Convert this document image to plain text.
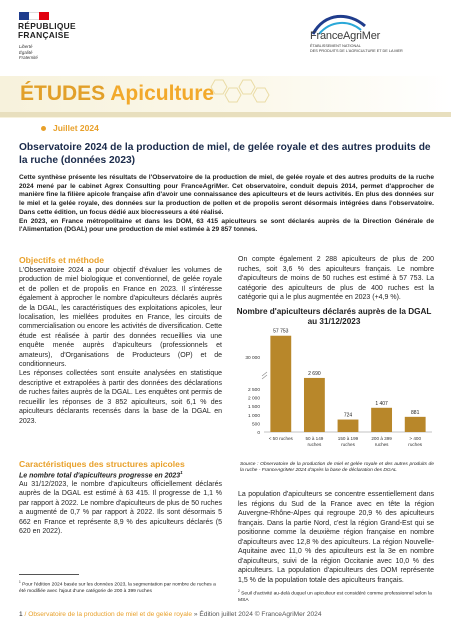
RÉPUBLIQUE
FRANÇAISE
Liberté
Égalité
Fraternité
FranceAgriMer
ÉTABLISSEMENT NATIONAL
DES PRODUITS DE L'AGRICULTURE ET DE LA MER
ÉTUDES Apiculture
Juillet 2024
Observatoire 2024 de la production de miel, de gelée royale et des autres produits de la ruche (données 2023)
Cette synthèse présente les résultats de l'Observatoire de la production de miel, de gelée royale et des autres produits de la ruche 2024 mené par le cabinet Agrex Consulting pour FranceAgriMer. Cet observatoire, conduit depuis 2014, permet d'approcher de manière fine la filière apicole française afin d'avoir une connaissance des apiculteurs et de leurs activités. En plus des données sur le miel et la gelée royale, des données sur la production de pollen et de propolis seront désormais intégrées dans l'observatoire. Dans cette édition, un focus dédié aux biocresseurs a été réalisé.
En 2023, en France métropolitaine et dans les DOM, 63 415 apiculteurs se sont déclarés auprès de la Direction Générale de l'Alimentation (DGAL) pour une production de miel estimée à 29 857 tonnes.
Objectifs et méthode
L'Observatoire 2024 a pour objectif d'évaluer les volumes de production de miel biologique et conventionnel, de gelée royale et de pollen et de propolis en France en 2023. Il s'intéresse également à approcher le nombre d'apiculteurs déclarés auprès de la DGAL, les caractéristiques des exploitations apicoles, leur localisation, les miellées produites en France, les circuits de commercialisation ou encore les activités de diversification. Cette étude est réalisée à partir des données recueillies via une enquête menée auprès d'apiculteurs (professionnels et amateurs), d'Organisations de Producteurs (OP) et de conditionneurs.
Les réponses collectées sont ensuite analysées en statistique descriptive et extrapolées à partir des données des déclarations de ruches faites auprès de la DGAL. Les enquêtes ont permis de recueillir les réponses de 3 852 apiculteurs, soit 6,1 % des apiculteurs déclarants recensés dans la base de la DGAL en 2023.
Caractéristiques des structures apicoles
Le nombre total d'apiculteurs progresse en 2023$^1$
Au 31/12/2023, le nombre d'apiculteurs officiellement déclarés auprès de la DGAL est estimé à 63 415. Il progresse de 1,1 % par rapport à 2022. Le nombre d'apiculteurs de plus de 50 ruches a augmenté de 0,7 % par rapport à 2022. Ils sont désormais 5 662 en France et représente 8,9 % des apiculteurs déclarés (5 620 en 2022).
$^1$ Pour l'édition 2024 basée sur les données 2023, la segmentation par nombre de ruches a été modifiée avec l'ajout d'une catégorie de 200 à 399 ruches
On compte également 2 288 apiculteurs de plus de 200 ruches, soit 3,6 % des apiculteurs français. Le nombre d'apiculteurs de moins de 50 ruches est estimé à 57 753. La catégorie des apiculteurs de plus de 400 ruches est la catégorie qui a le plus augmentée en 2023 (+4,9 %).
Nombre d'apiculteurs déclarés auprès de la DGAL au 31/12/2023
0
500
1 000
1 500
2 000
2 500
30 000
57 753
< 50 ruches
2 690
50 à 149
ruches
724
150 à 199
ruches
1 407
200 à 399
ruches
881
> 400
ruches
Source : Observatoire de la production de miel et gelée royale et des autres produits de la ruche - FranceAgriMer 2024 d'après la base de déclaration des DGAL
La population d'apiculteurs se concentre essentiellement dans les régions du Sud de la France avec en tête la région Auvergne-Rhône-Alpes qui regroupe 20,9 % des apiculteurs français. Dans la partie Nord, c'est la région Grand-Est qui se positionne comme la deuxième région française en nombre d'apiculteurs avec 12,8 % des apiculteurs. La région Nouvelle-Aquitaine avec 11,0 % des apiculteurs est la 3e en nombre d'apiculteurs, suivi de la région Occitanie avec 10,0 % des apiculteurs. La population d'apiculteurs des DOM représente 1,5 % de la population totale des apiculteurs français.
$^2$ Seuil d'activité au-delà duquel un apiculteur est considéré comme professionnel selon la MSA
1 / Observatoire de la production de miel et de gelée royale » Édition juillet 2024 © FranceAgriMer 2024
